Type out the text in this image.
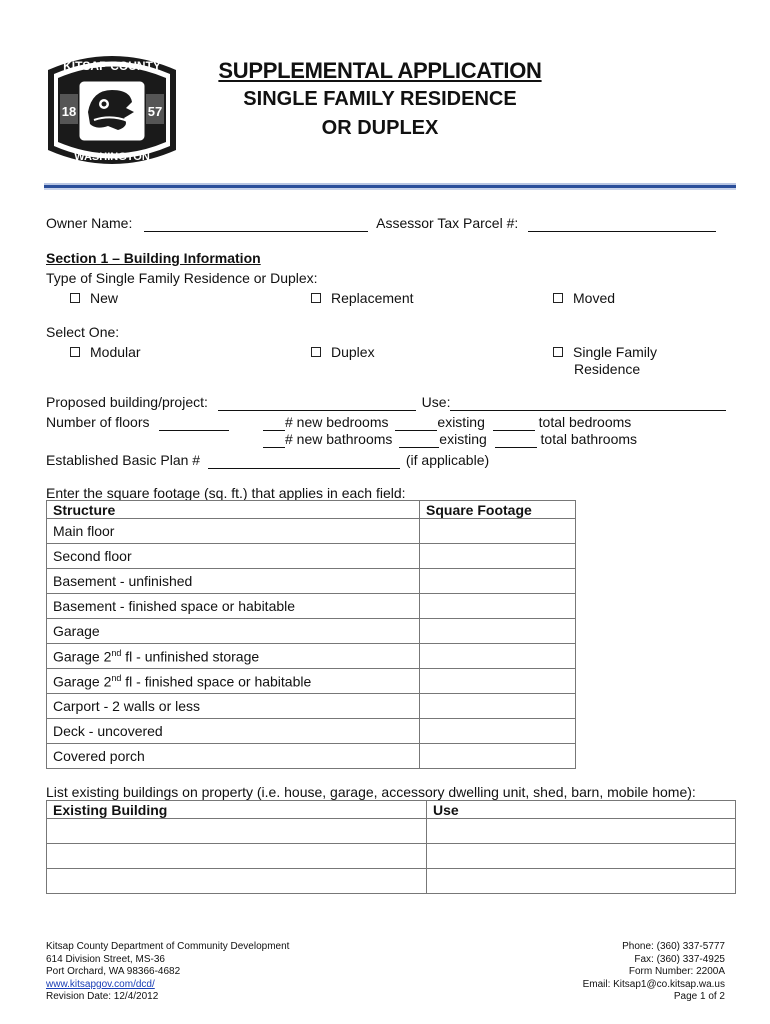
18	57
KITSAP COUNTY
WASHINGTON
SUPPLEMENTAL APPLICATION
SINGLE FAMILY RESIDENCE
OR DUPLEX
Owner Name:	Assessor Tax Parcel #:
Section 1 – Building Information
Type of Single Family Residence or Duplex:
New	Replacement	Moved
Select One:
Modular	Duplex	Single Family
Residence
Proposed building/project:	Use:
Number of floors	# new bedrooms	existing	total bedrooms
# new bathrooms	existing	total bathrooms
Established Basic Plan #	(if applicable)
Enter the square footage (sq. ft.) that applies in each field:
Structure	Square Footage
Main floor	
Second floor	
Basement - unfinished	
Basement - finished space or habitable	
Garage	
Garage 2nd fl - unfinished storage	
Garage 2nd fl - finished space or habitable	
Carport - 2 walls or less	
Deck - uncovered	
Covered porch	
List existing buildings on property (i.e. house, garage, accessory dwelling unit, shed, barn, mobile home):
Existing Building	Use

Kitsap County Department of Community Development
614 Division Street, MS-36
Port Orchard, WA 98366-4682
www.kitsapgov.com/dcd/
Revision Date: 12/4/2012
Phone: (360) 337-5777
Fax: (360) 337-4925
Form Number: 2200A
Email: Kitsap1@co.kitsap.wa.us
Page 1 of 2
